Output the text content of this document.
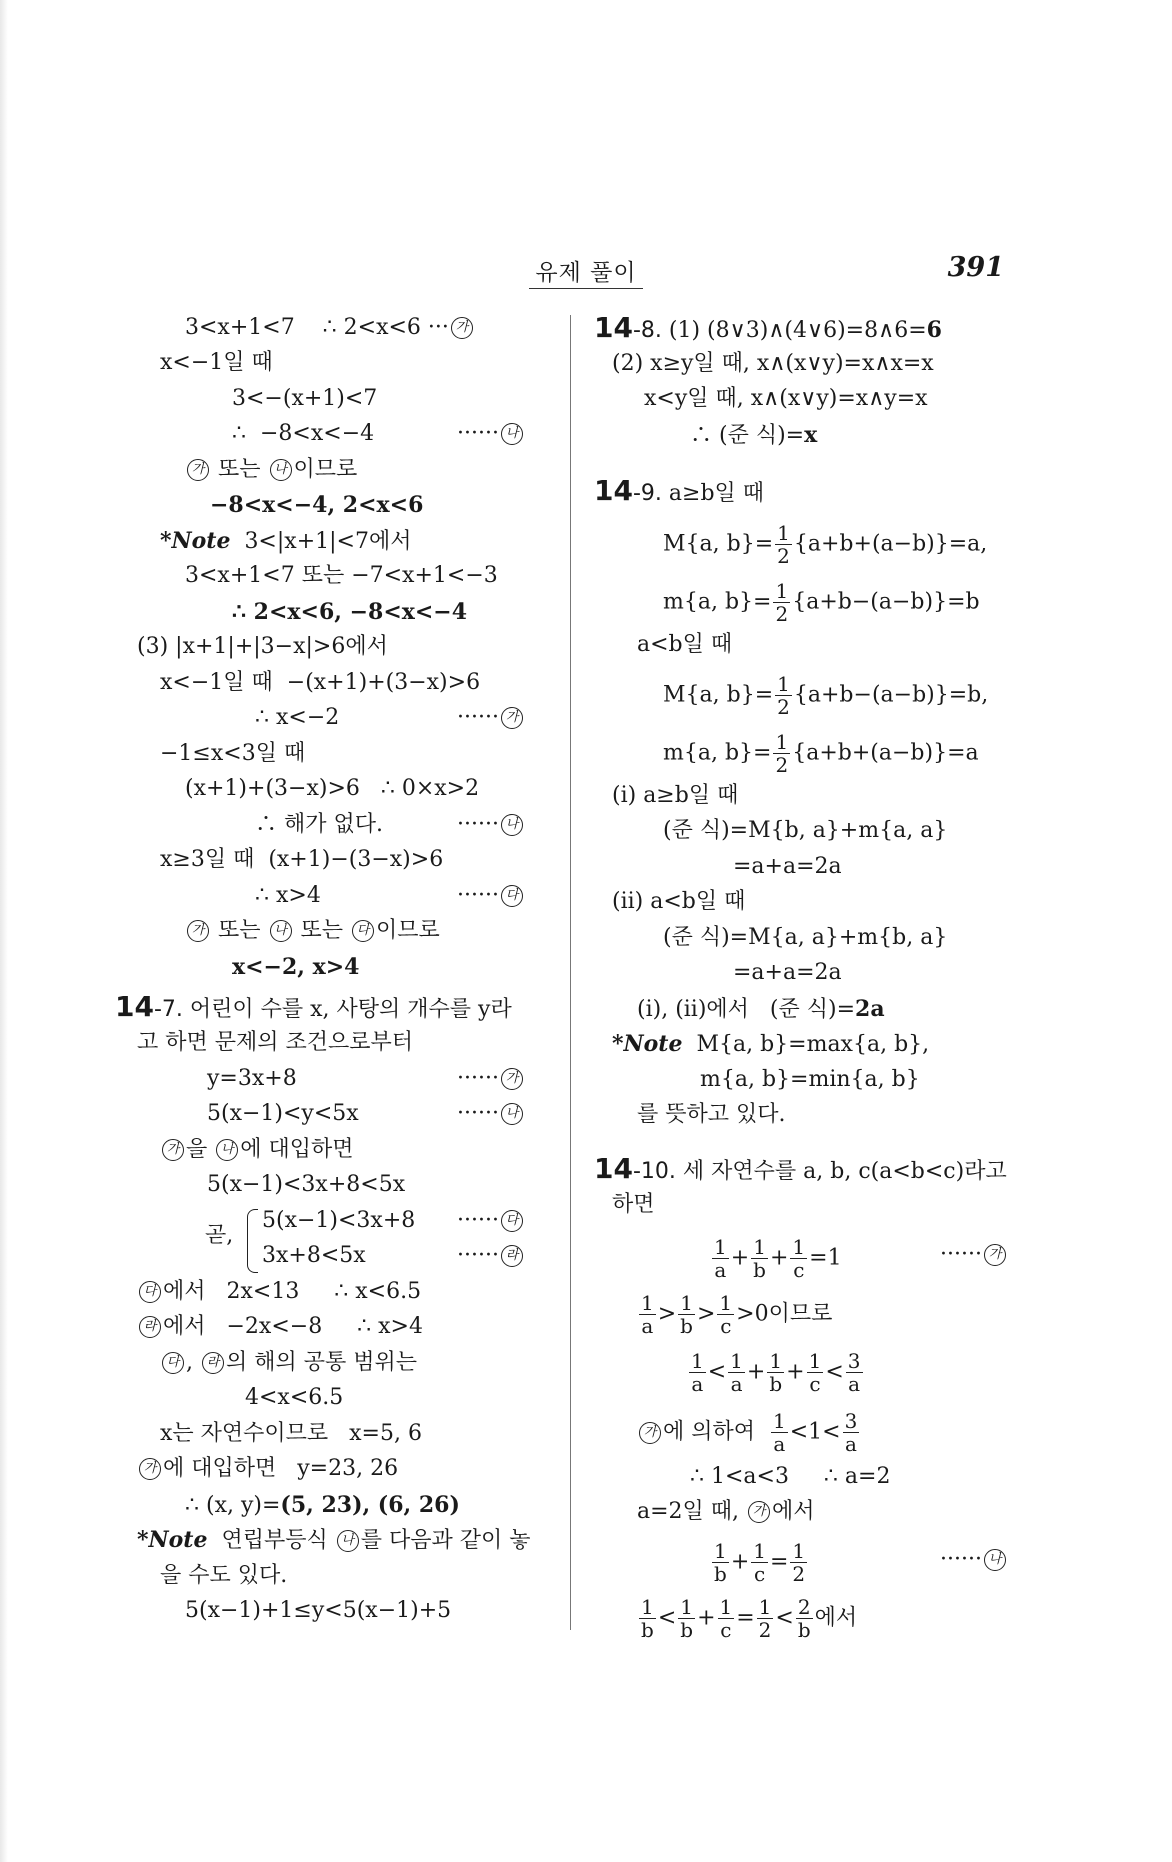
유제 풀이	391
3<x+1<7    ∴ 2<x<6 ··· 가
x<−1일 때
3<−(x+1)<7
∴  −8<x<−4	······ 나
가 또는 나 이므로
−8<x<−4, 2<x<6
*Note  3<|x+1|<7에서
3<x+1<7 또는 −7<x+1<−3
∴ 2<x<6, −8<x<−4
(3) |x+1|+|3−x|>6에서
x<−1일 때  −(x+1)+(3−x)>6
∴ x<−2	······ 가
−1≤x<3일 때
(x+1)+(3−x)>6   ∴ 0×x>2
∴ 해가 없다.	······ 나
x≥3일 때  (x+1)−(3−x)>6
∴ x>4	······ 다
가 또는 나 또는 다 이므로
x<−2, x>4
14-7. 어린이 수를 x, 사탕의 개수를 y라
고 하면 문제의 조건으로부터
y=3x+8	······ 가
5(x−1)<y<5x	······ 나
가 을 나 에 대입하면
5(x−1)<3x+8<5x
곧,
5(x−1)<3x+8 ······ 다
3x+8<5x	······ 라
다 에서   2x<13     ∴ x<6.5
라 에서   −2x<−8     ∴ x>4
다 , 라 의 해의 공통 범위는
4<x<6.5
x는 자연수이므로   x=5, 6
가 에 대입하면   y=23, 26
∴ (x, y)=(5, 23), (6, 26)
*Note  연립부등식 나 를 다음과 같이 놓
을 수도 있다.
5(x−1)+1≤y<5(x−1)+5
14-8. (1) (8∨3)∧(4∨6)=8∧6=6
(2) x≥y일 때, x∧(x∨y)=x∧x=x
x<y일 때, x∧(x∨y)=x∧y=x
∴ (준 식)=x
14-9. a≥b일 때
M{a, $b\}= \frac{1}{2} \{a+b+(a-b)\}=a$,
m{a, $b\}= \frac{1}{2} \{a+b-(a-b)\}=b$
a<b일 때
M{a, $b\}= \frac{1}{2} \{a+b-(a-b)\}=b$,
m{a, $b\}= \frac{1}{2} \{a+b+(a-b)\}=a$
(i) a≥b일 때
(준 식)=M{b, a}+m{a, a}
=a+a=2a
(ii) a<b일 때
(준 식)=M{a, a}+m{b, a}
=a+a=2a
(i), (ii)에서   (준 식)=2a
*Note  M{a, b}=max{a, b},
m{a, b}=min{a, b}
를 뜻하고 있다.
14-10. 세 자연수를 a, b, c(a<b<c)라고
하면
$\frac{1}{a} + \frac{1}{b} + \frac{1}{c} =1$	······ 가
$\frac{1}{a} > \frac{1}{b} > \frac{1}{c} >0$이므로
$\frac{1}{a} < \frac{1}{a} + \frac{1}{b} + \frac{1}{c} < \frac{3}{a}$
가 에 의하여 $\frac{1}{a} <1< \frac{3}{a}$
∴ 1<a<3     ∴ a=2
a=2일 때, 가 에서
$\frac{1}{b} + \frac{1}{c} = \frac{1}{2}$	······ 나
$\frac{1}{b} < \frac{1}{b} + \frac{1}{c} = \frac{1}{2} < \frac{2}{b}$ 에서
